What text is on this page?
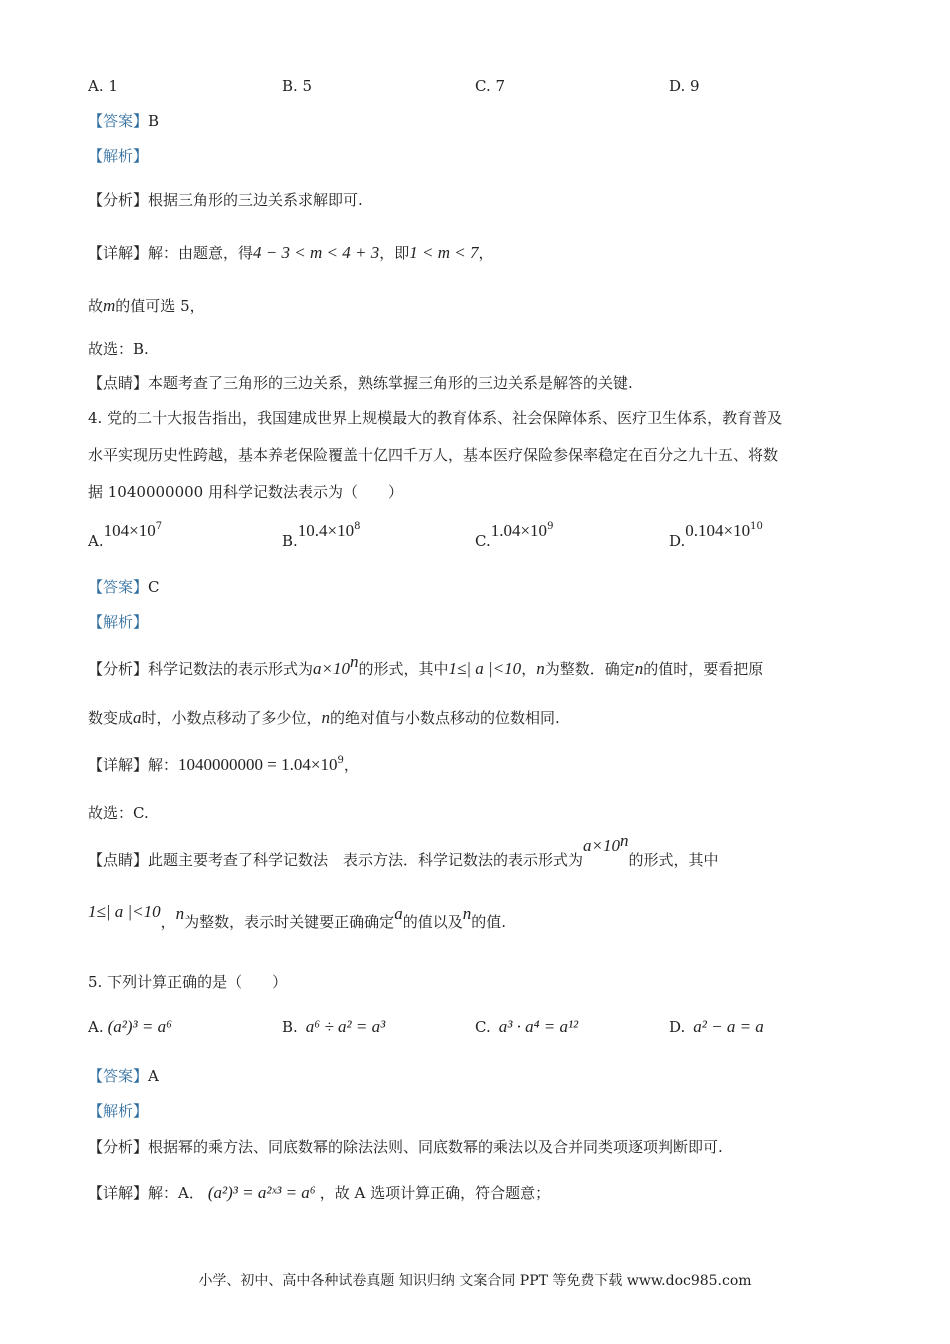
A. 1	B. 5	C. 7	D. 9
【答案】B
【解析】
【分析】根据三角形的三边关系求解即可.
【详解】解：由题意，得4 − 3 < m < 4 + 3，即1 < m < 7，
故m的值可选 5，
故选：B.
【点睛】本题考查了三角形的三边关系，熟练掌握三角形的三边关系是解答的关键.
4. 党的二十大报告指出，我国建成世界上规模最大的教育体系、社会保障体系、医疗卫生体系，教育普及
水平实现历史性跨越，基本养老保险覆盖十亿四千万人，基本医疗保险参保率稳定在百分之九十五、将数
据 1040000000 用科学记数法表示为（　　）
$A.104\times 10^7$
$B.10.4\times 10^8$
$C.1.04\times 10^9$
$D.0.104\times 10^{10}$
【答案】C
【解析】
【分析】科学记数法的表示形式为$a\times 10^n$的形式，其中1≤| a |<10，n为整数．确定n的值时，要看把原
数变成a时，小数点移动了多少位，n的绝对值与小数点移动的位数相同.
【详解】解：$1040000000 = 1.04\times 10^9$，
故选：C.
【点睛】此题主要考查了科学记数法　表示方法．科学记数法的表示形式为$a\times 10^n$的形式，其中
1≤| a |<10，n为整数，表示时关键要正确确定a的值以及n的值.
5. 下列计算正确的是（　　）
A. (a²)³ = a⁶	B. a⁶ ÷ a² = a³	C. a³ · a⁴ = a¹²	D. a² − a = a
【答案】A
【解析】
【分析】根据幂的乘方法、同底数幂的除法法则、同底数幂的乘法以及合并同类项逐项判断即可.
【详解】解：A． (a²)³ = a²ˣ³ = a⁶ ，故 A 选项计算正确，符合题意；
小学、初中、高中各种试卷真题 知识归纳 文案合同 PPT 等免费下载 www.doc985.com
